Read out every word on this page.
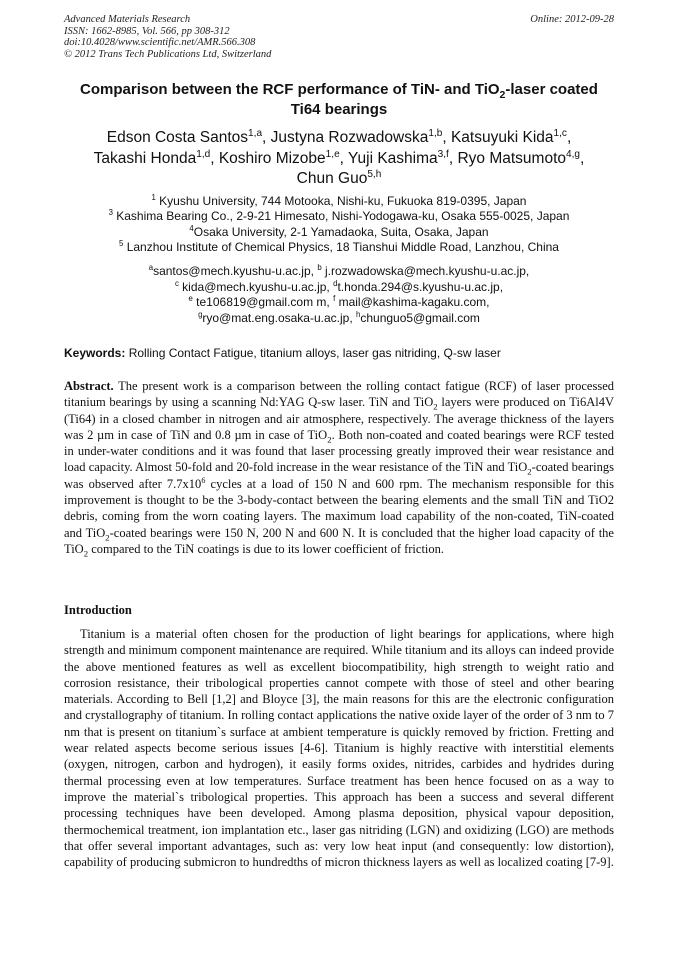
Advanced Materials Research
ISSN: 1662-8985, Vol. 566, pp 308-312
doi:10.4028/www.scientific.net/AMR.566.308
© 2012 Trans Tech Publications Ltd, Switzerland
Online: 2012-09-28
Comparison between the RCF performance of TiN- and TiO$_2$-laser coated
Ti64 bearings
Edson Costa Santos$^{1,a}$, Justyna Rozwadowska$^{1,b}$, Katsuyuki Kida$^{1,c}$,
Takashi Honda$^{1,d}$, Koshiro Mizobe$^{1,e}$, Yuji Kashima$^{3,f}$, Ryo Matsumoto$^{4,g}$,
Chun Guo$^{5,h}$
$^1$ Kyushu University, 744 Motooka, Nishi-ku, Fukuoka 819-0395, Japan
$^3$ Kashima Bearing Co., 2-9-21 Himesato, Nishi-Yodogawa-ku, Osaka 555-0025, Japan
$^4$Osaka University, 2-1 Yamadaoka, Suita, Osaka, Japan
$^5$ Lanzhou Institute of Chemical Physics, 18 Tianshui Middle Road, Lanzhou, China
$^a$santos@mech.kyushu-u.ac.jp, $^b$ j.rozwadowska@mech.kyushu-u.ac.jp,
$^c$ kida@mech.kyushu-u.ac.jp, $^d$t.honda.294@s.kyushu-u.ac.jp,
$^e$ te106819@gmail.com m, $^f$ mail@kashima-kagaku.com,
$^g$ryo@mat.eng.osaka-u.ac.jp, $^h$chunguo5@gmail.com
Keywords: Rolling Contact Fatigue, titanium alloys, laser gas nitriding, Q-sw laser
Abstract. The present work is a comparison between the rolling contact fatigue (RCF) of laser processed titanium bearings by using a scanning Nd:YAG Q-sw laser. TiN and TiO$_2$ layers were produced on Ti6Al4V (Ti64) in a closed chamber in nitrogen and air atmosphere, respectively. The average thickness of the layers was 2 µm in case of TiN and 0.8 µm in case of TiO$_2$. Both non-coated and coated bearings were RCF tested in under-water conditions and it was found that laser processing greatly improved their wear resistance and load capacity. Almost 50-fold and 20-fold increase in the wear resistance of the TiN and TiO$_2$-coated bearings was observed after $7.7x10^6$ cycles at a load of 150 N and 600 rpm. The mechanism responsible for this improvement is thought to be the 3-body-contact between the bearing elements and the small TiN and TiO2 debris, coming from the worn coating layers. The maximum load capability of the non-coated, TiN-coated and TiO$_2$-coated bearings were 150 N, 200 N and 600 N. It is concluded that the higher load capacity of the TiO$_2$ compared to the TiN coatings is due to its lower coefficient of friction.
Introduction
Titanium is a material often chosen for the production of light bearings for applications, where high strength and minimum component maintenance are required. While titanium and its alloys can indeed provide the above mentioned features as well as excellent biocompatibility, high strength to weight ratio and corrosion resistance, their tribological properties cannot compete with those of steel and other bearing materials. According to Bell [1,2] and Bloyce [3], the main reasons for this are the electronic configuration and crystallography of titanium. In rolling contact applications the native oxide layer of the order of 3 nm to 7 nm that is present on titanium`s surface at ambient temperature is quickly removed by friction. Fretting and wear related aspects become serious issues [4-6]. Titanium is highly reactive with interstitial elements (oxygen, nitrogen, carbon and hydrogen), it easily forms oxides, nitrides, carbides and hydrides during thermal processing even at low temperatures. Surface treatment has been hence focused on as a way to improve the material`s tribological properties. This approach has been a success and several different processing techniques have been developed. Among plasma deposition, physical vapour deposition, thermochemical treatment, ion implantation etc., laser gas nitriding (LGN) and oxidizing (LGO) are methods that offer several important advantages, such as: very low heat input (and consequently: low distortion), capability of producing submicron to hundredths of micron thickness layers as well as localized coating [7-9].
